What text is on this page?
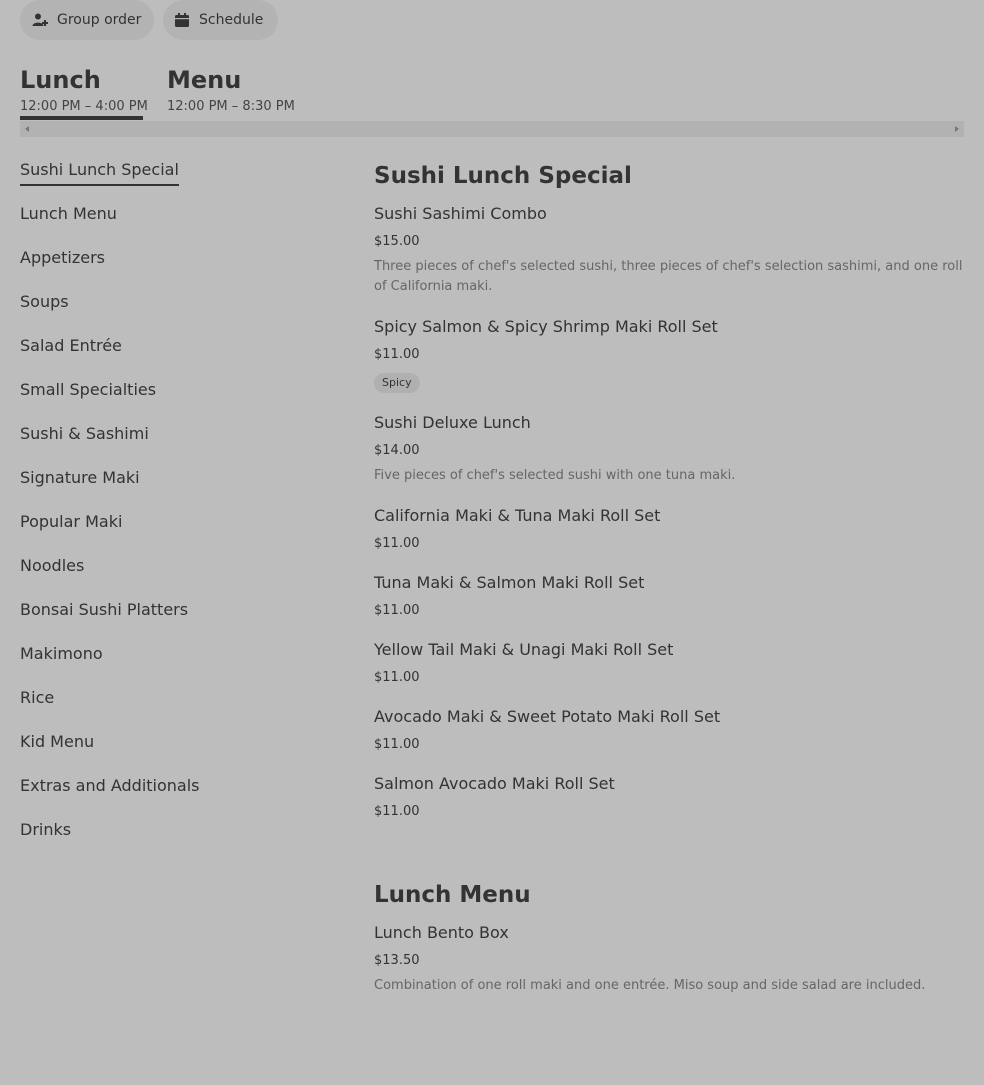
Group order	Schedule
Lunch
12:00 PM – 4:00 PM
Menu
12:00 PM – 8:30 PM
Sushi Lunch Special
Lunch Menu
Appetizers
Soups
Salad Entrée
Small Specialties
Sushi & Sashimi
Signature Maki
Popular Maki
Noodles
Bonsai Sushi Platters
Makimono
Rice
Kid Menu
Extras and Additionals
Drinks
Sushi Lunch Special
Sushi Sashimi Combo
$15.00
Three pieces of chef's selected sushi, three pieces of chef's selection sashimi, and one roll of California maki.
Spicy Salmon & Spicy Shrimp Maki Roll Set
$11.00
Spicy
Sushi Deluxe Lunch
$14.00
Five pieces of chef's selected sushi with one tuna maki.
California Maki & Tuna Maki Roll Set
$11.00
Tuna Maki & Salmon Maki Roll Set
$11.00
Yellow Tail Maki & Unagi Maki Roll Set
$11.00
Avocado Maki & Sweet Potato Maki Roll Set
$11.00
Salmon Avocado Maki Roll Set
$11.00
Lunch Menu
Lunch Bento Box
$13.50
Combination of one roll maki and one entrée. Miso soup and side salad are included.
